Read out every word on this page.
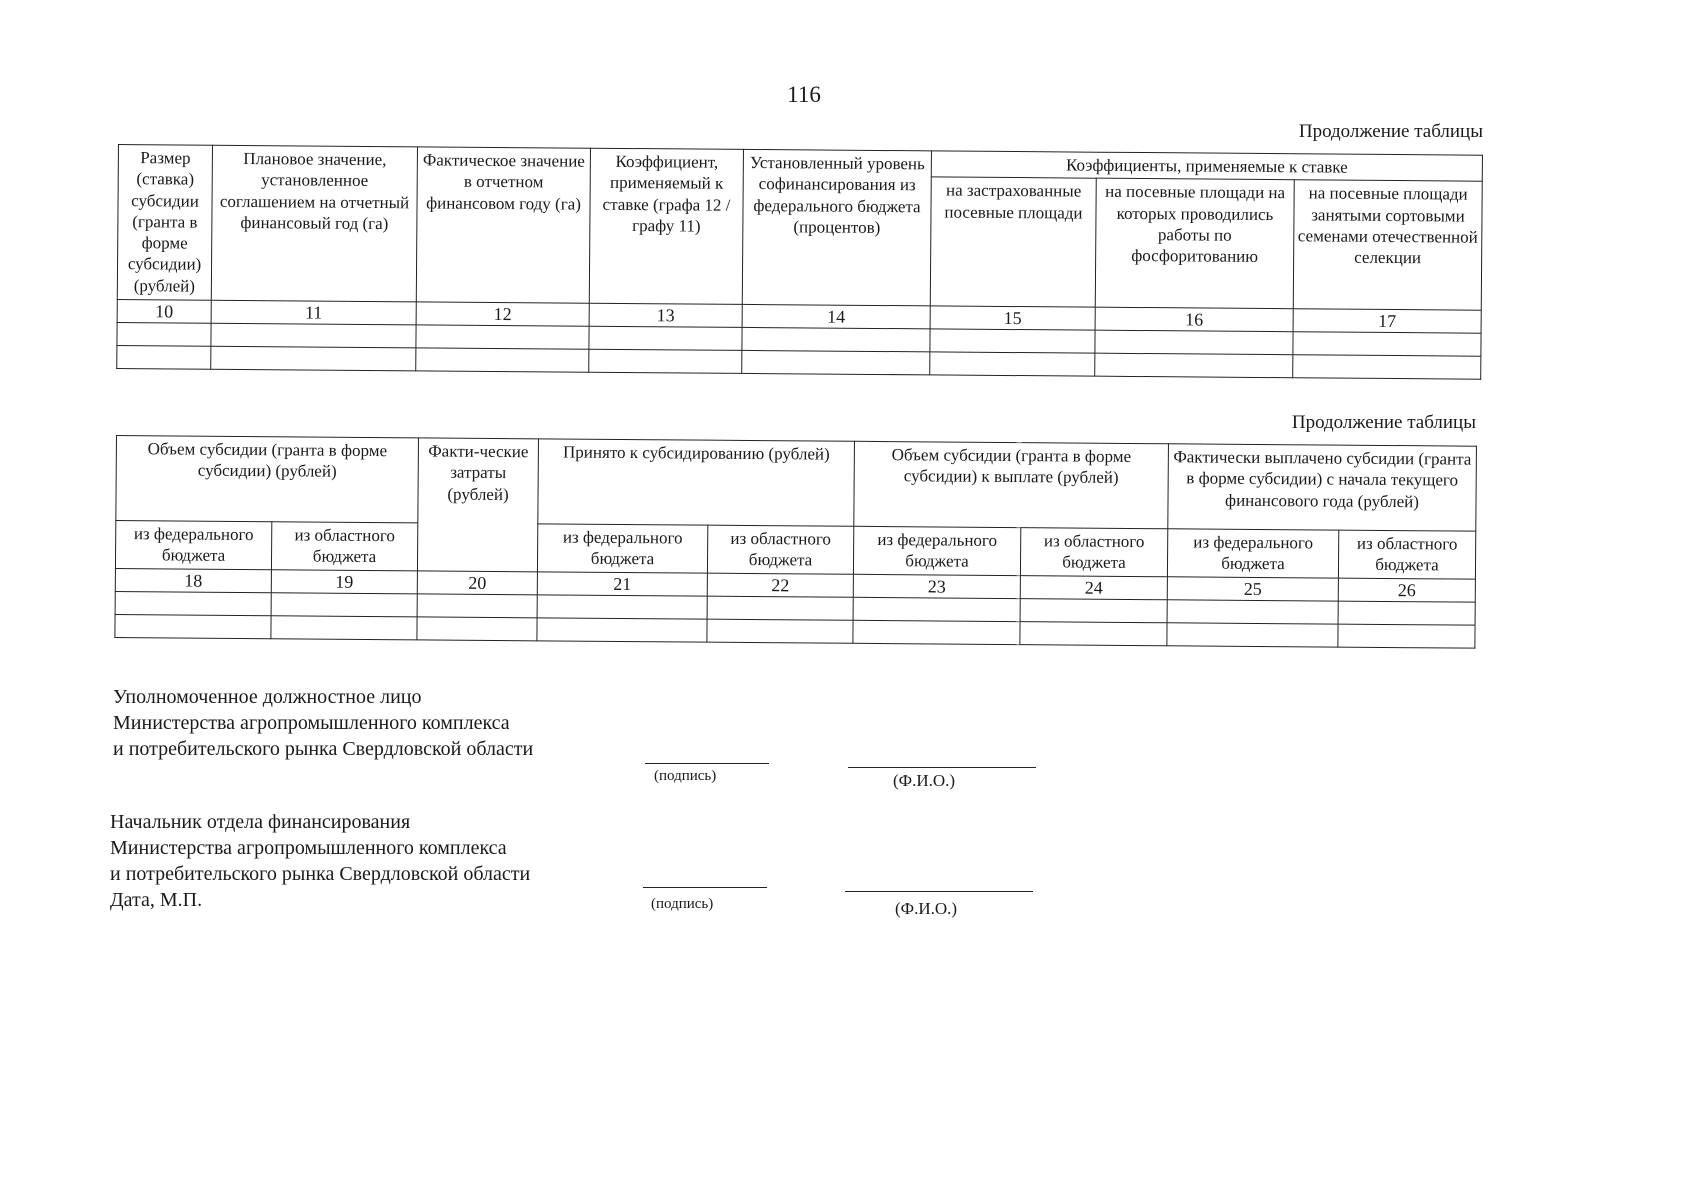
116
Продолжение таблицы
Размер (ставка) субсидии (гранта в форме субсидии) (рублей)	Плановое значение, установленное соглашением на отчетный финансовый год (га)	Фактическое значение в отчетном финансовом году (га)	Коэффициент, применяемый к ставке (графа 12 / графу 11)	Установленный уровень софинансирования из федерального бюджета (процентов)	Коэффициенты, применяемые к ставке		
					на застрахованные посевные площади	на посевные площади на которых проводились работы по фосфоритованию	на посевные площади занятыми сортовыми семенами отечественной селекции
10	11	12	13	14	15	16	17

Продолжение таблицы
Объем субсидии (гранта в форме субсидии) (рублей)		Факти-ческие затраты (рублей)	Принято к субсидированию (рублей)		Объем субсидии (гранта в форме субсидии) к выплате (рублей)		Фактически выплачено субсидии (гранта в форме субсидии) с начала текущего финансового года (рублей)	
из федерального бюджета	из областного бюджета		из федерального бюджета	из областного бюджета	из федерального бюджета	из областного бюджета	из федерального бюджета	из областного бюджета
18	19	20	21	22	23	24	25	26

Уполномоченное должностное лицо
Министерства агропромышленного комплекса
и потребительского рынка Свердловской области
(подпись)	(Ф.И.О.)
Начальник отдела финансирования
Министерства агропромышленного комплекса
и потребительского рынка Свердловской области
Дата, М.П.	(подпись)	(Ф.И.О.)
